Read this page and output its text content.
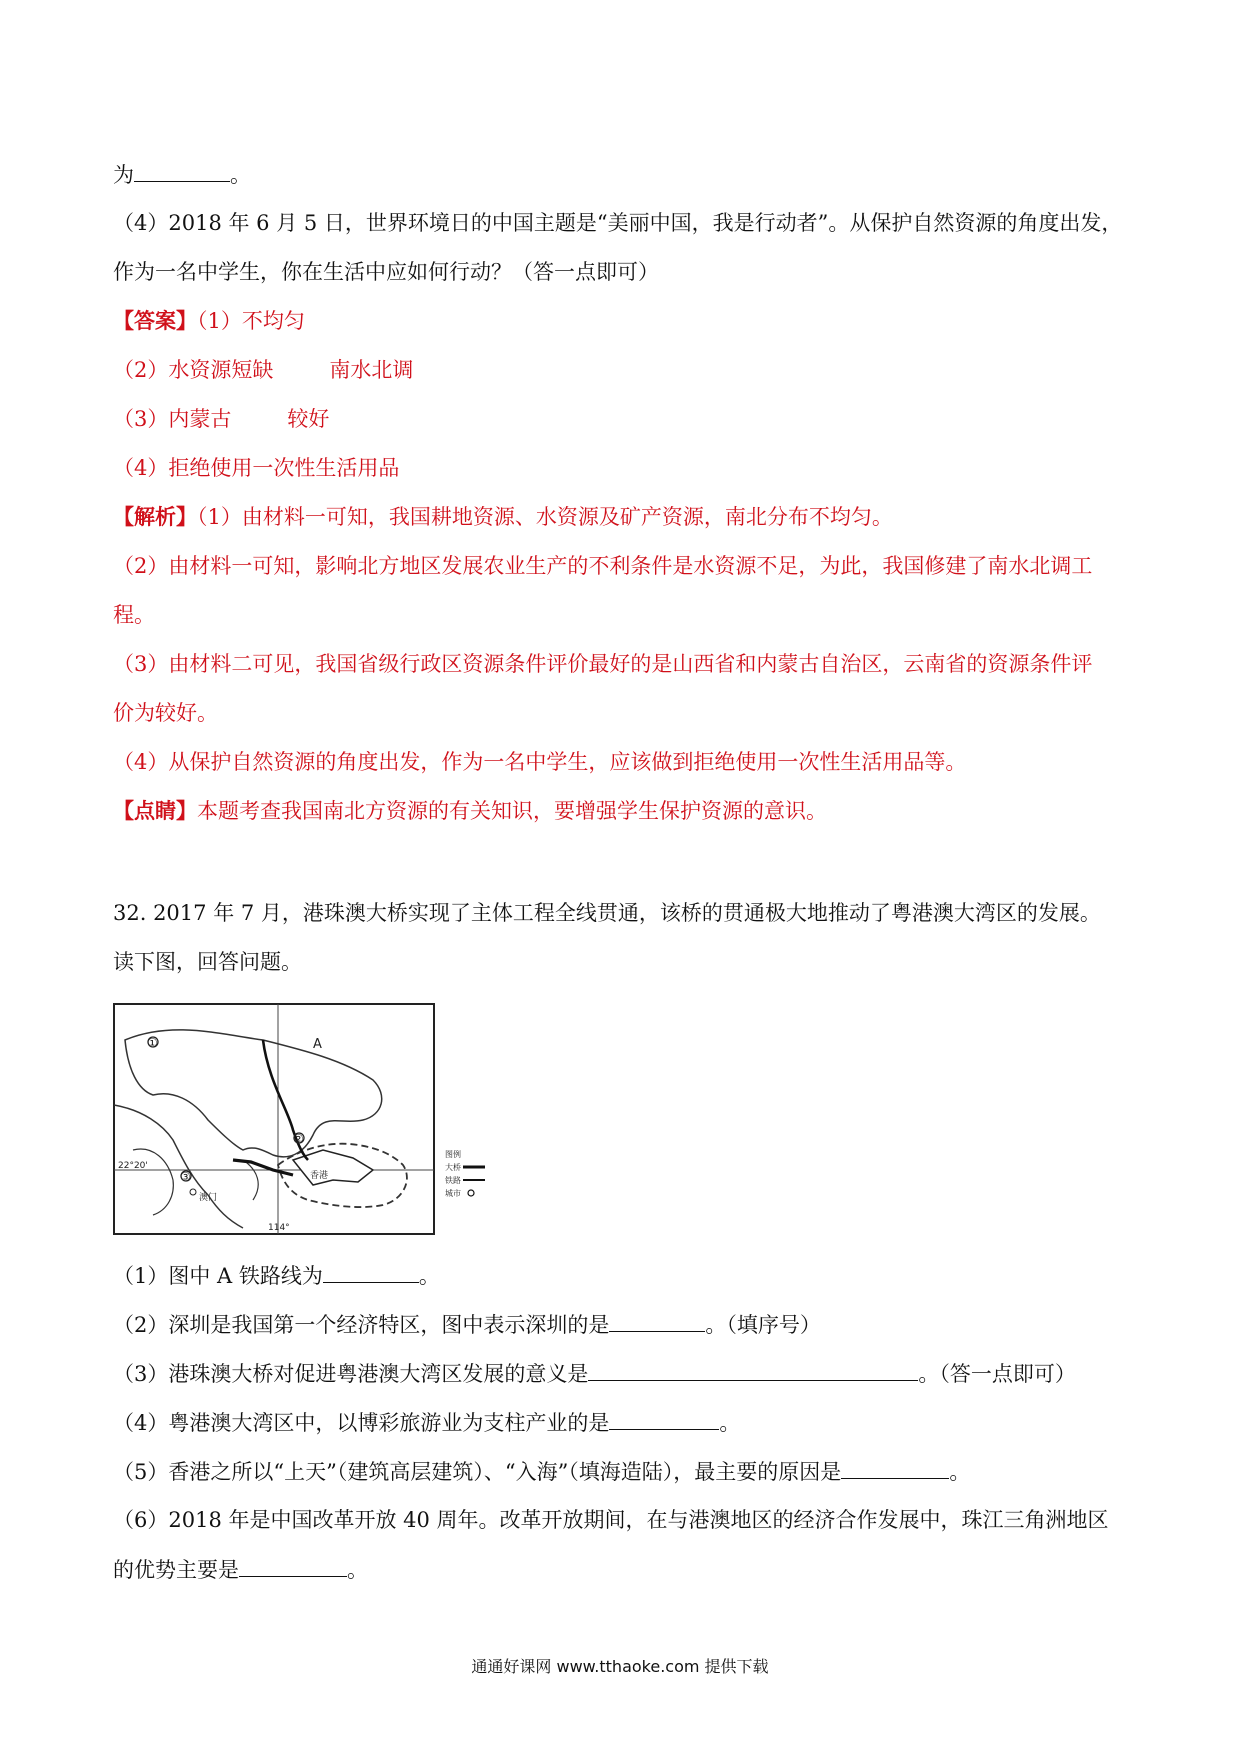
为	。
（4）2018 年 6 月 5 日，世界环境日的中国主题是“美丽中国，我是行动者”。从保护自然资源的角度出发，
作为一名中学生，你在生活中应如何行动？（答一点即可）
【答案】（1）不均匀
（2）水资源短缺	南水北调
（3）内蒙古	较好
（4）拒绝使用一次性生活用品
【解析】（1）由材料一可知，我国耕地资源、水资源及矿产资源，南北分布不均匀。
（2）由材料一可知，影响北方地区发展农业生产的不利条件是水资源不足，为此，我国修建了南水北调工
程。
（3）由材料二可见，我国省级行政区资源条件评价最好的是山西省和内蒙古自治区，云南省的资源条件评
价为较好。
（4）从保护自然资源的角度出发，作为一名中学生，应该做到拒绝使用一次性生活用品等。
【点睛】本题考查我国南北方资源的有关知识，要增强学生保护资源的意识。
32. 2017 年 7 月，港珠澳大桥实现了主体工程全线贯通，该桥的贯通极大地推动了粤港澳大湾区的发展。
读下图，回答问题。
①
②
③
A
22°20'
114°
澳门
香港
图例
大桥
铁路
城市
（1）图中 A 铁路线为	。
（2）深圳是我国第一个经济特区，图中表示深圳的是	。（填序号）
（3）港珠澳大桥对促进粤港澳大湾区发展的意义是	。（答一点即可）
（4）粤港澳大湾区中，以博彩旅游业为支柱产业的是	。
（5）香港之所以“上天”（建筑高层建筑）、“入海”（填海造陆），最主要的原因是	。
（6）2018 年是中国改革开放 40 周年。改革开放期间，在与港澳地区的经济合作发展中，珠江三角洲地区
的优势主要是	。
通通好课网 www.tthaoke.com 提供下载
